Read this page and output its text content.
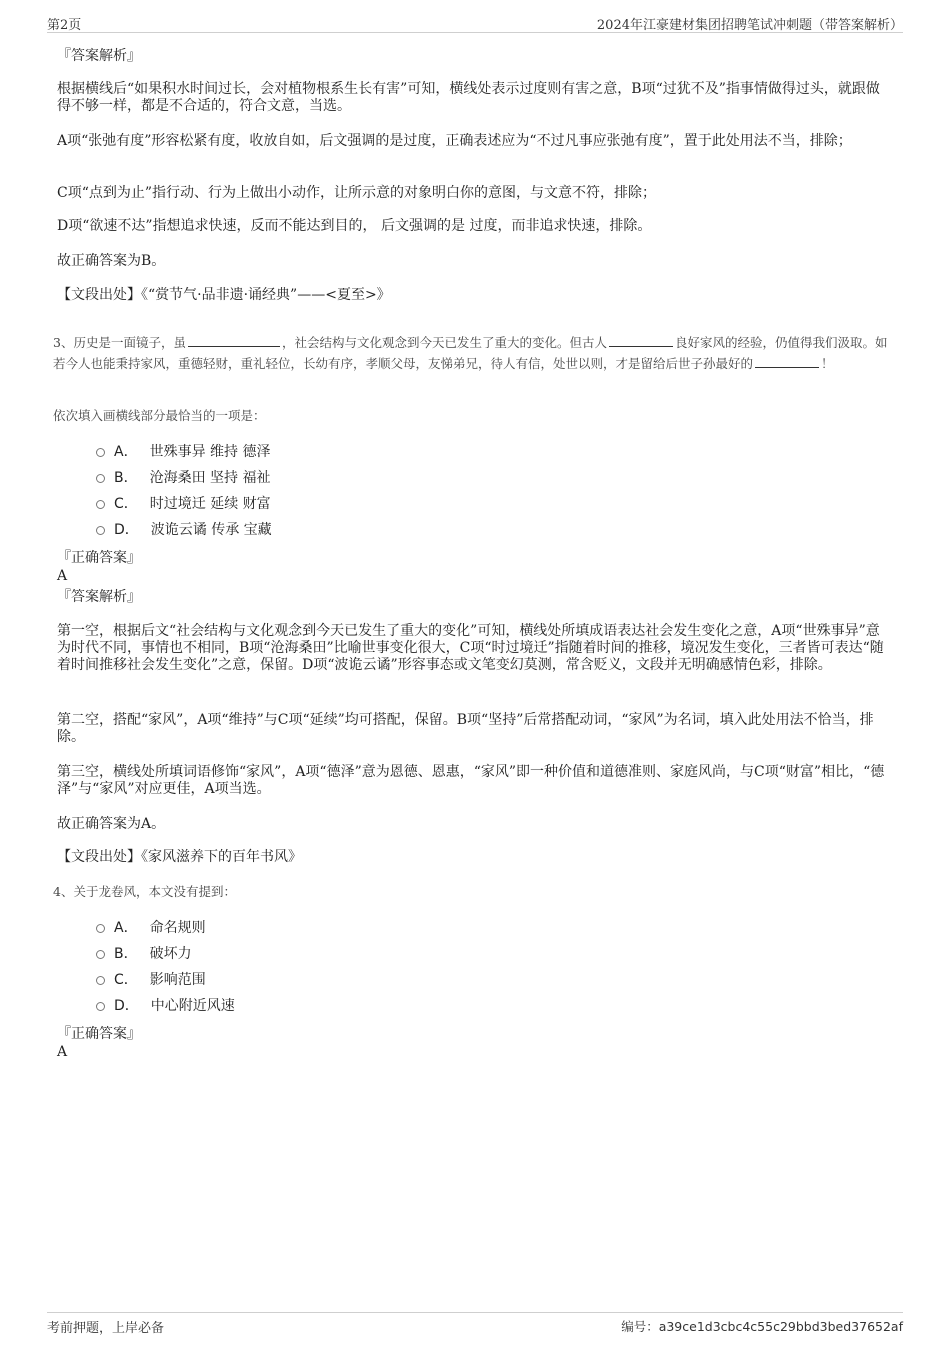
第2页	2024年江豪建材集团招聘笔试冲刺题（带答案解析）

『答案解析』

根据横线后“如果积水时间过长，会对植物根系生长有害”可知，横线处表示过度则有害之意，B项“过犹不及”指事情做得过头，就跟做得不够一样，都是不合适的，符合文意，当选。

A项“张弛有度”形容松紧有度，收放自如，后文强调的是过度，正确表述应为“不过凡事应张弛有度”，置于此处用法不当，排除；

C项“点到为止”指行动、行为上做出小动作，让所示意的对象明白你的意图，与文意不符，排除；

D项“欲速不达”指想追求快速，反而不能达到目的， 后文强调的是 过度，而非追求快速，排除。

故正确答案为B。

【文段出处】《“赏节气·品非遗·诵经典”——<夏至>》

3、历史是一面镜子，虽	，社会结构与文化观念到今天已发生了重大的变化。但古人	良好家风的经验，仍值得我们汲取。如若今人也能秉持家风，重德轻财，重礼轻位，长幼有序，孝顺父母，友悌弟兄，待人有信，处世以则，才是留给后世子孙最好的	！

依次填入画横线部分最恰当的一项是：

A． 世殊事异 维持 德泽
B． 沧海桑田 坚持 福祉
C． 时过境迁 延续 财富
D． 波诡云谲 传承 宝藏

『正确答案』

A

『答案解析』

第一空，根据后文“社会结构与文化观念到今天已发生了重大的变化”可知，横线处所填成语表达社会发生变化之意，A项“世殊事异”意为时代不同，事情也不相同，B项“沧海桑田”比喻世事变化很大，C项“时过境迁”指随着时间的推移，境况发生变化，三者皆可表达“随着时间推移社会发生变化”之意，保留。D项“波诡云谲”形容事态或文笔变幻莫测，常含贬义，文段并无明确感情色彩，排除。

第二空，搭配“家风”，A项“维持”与C项“延续”均可搭配，保留。B项“坚持”后常搭配动词，“家风”为名词，填入此处用法不恰当，排除。

第三空，横线处所填词语修饰“家风”，A项“德泽”意为恩德、恩惠，“家风”即一种价值和道德准则、家庭风尚，与C项“财富”相比，“德泽”与“家风”对应更佳，A项当选。

故正确答案为A。

【文段出处】《家风滋养下的百年书风》

4、关于龙卷风，本文没有提到：

A． 命名规则
B． 破坏力
C． 影响范围
D． 中心附近风速

『正确答案』

A

考前押题，上岸必备	编号：a39ce1d3cbc4c55c29bbd3bed37652af
